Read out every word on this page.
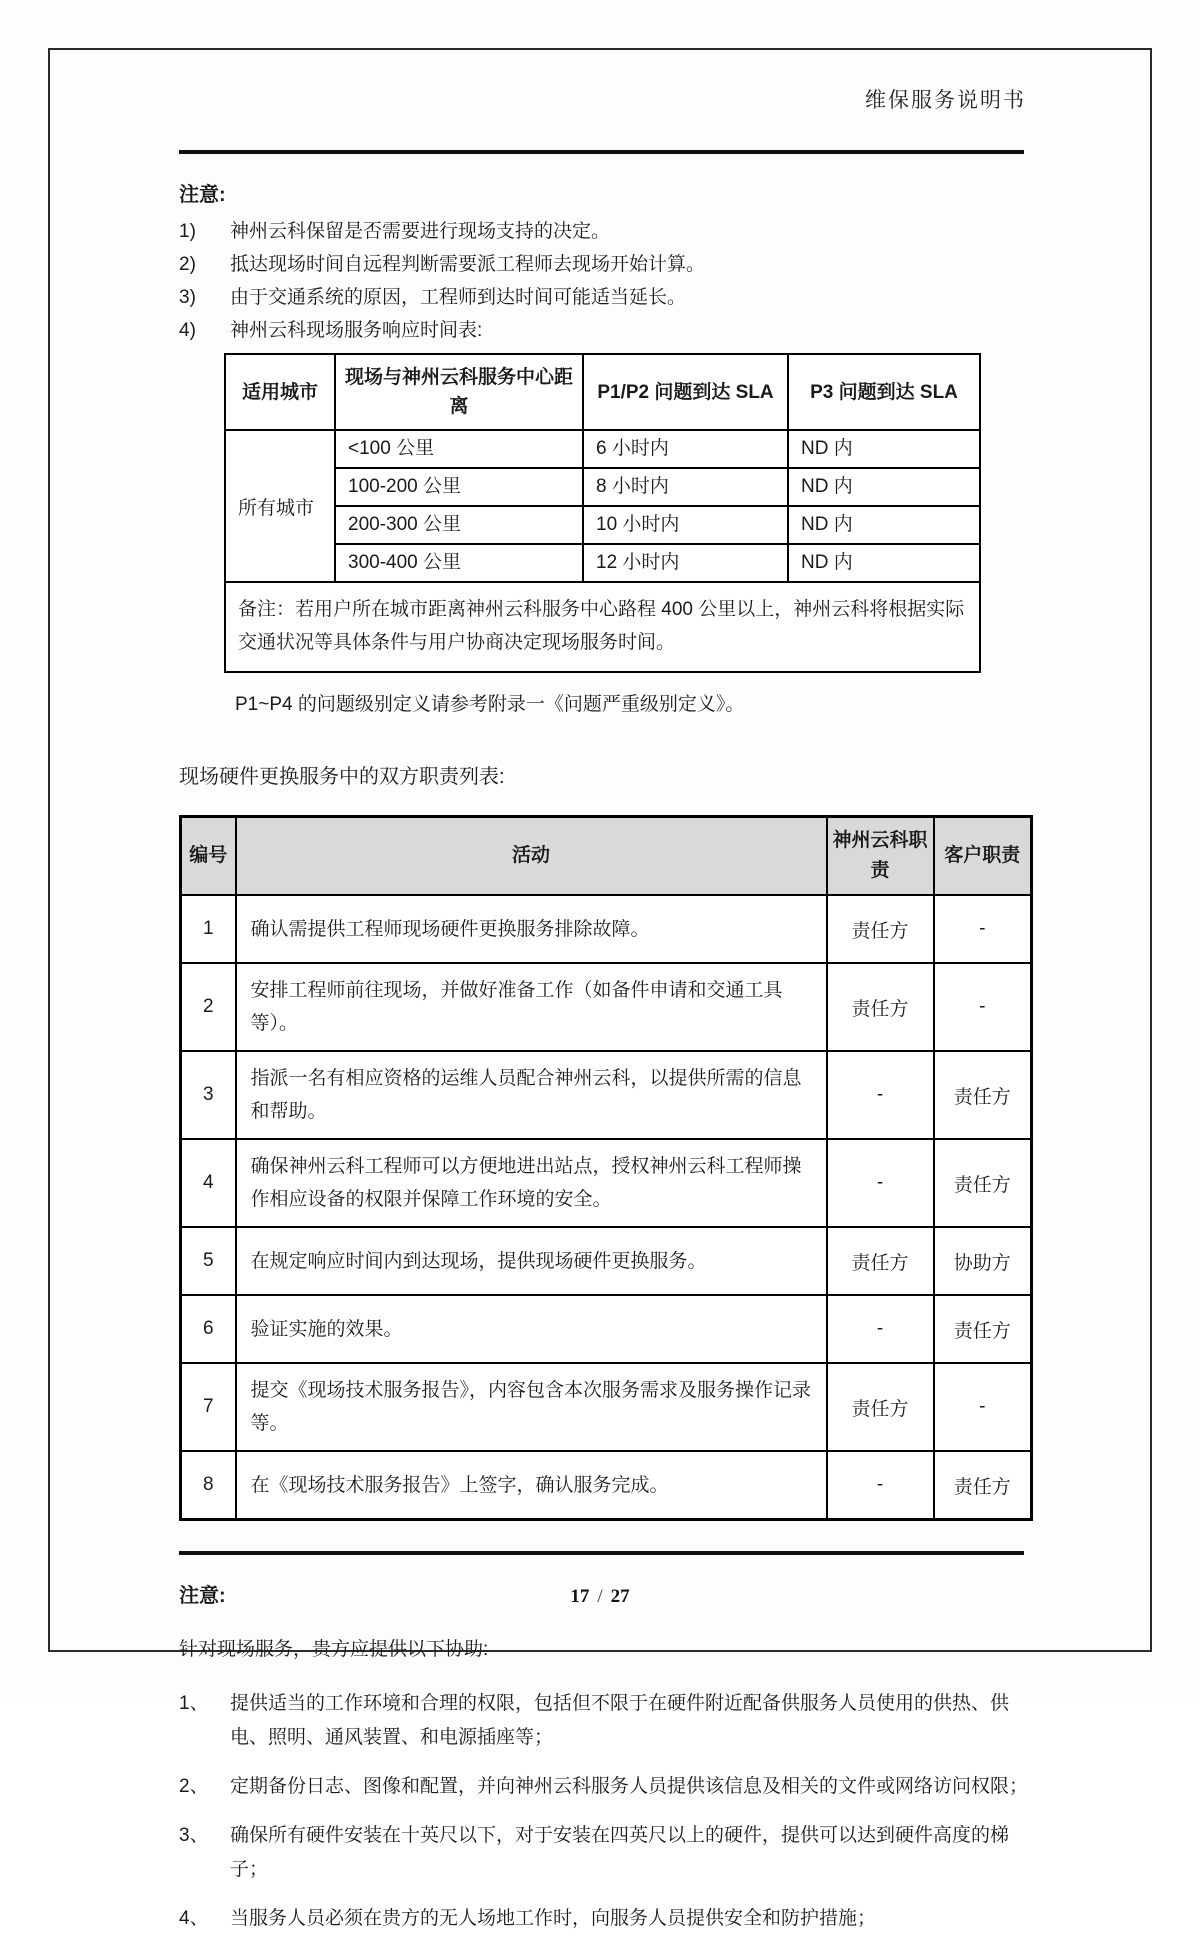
维保服务说明书
注意:
1)	神州云科保留是否需要进行现场支持的决定。
2)	抵达现场时间自远程判断需要派工程师去现场开始计算。
3)	由于交通系统的原因，工程师到达时间可能适当延长。
4)	神州云科现场服务响应时间表:
适用城市	现场与神州云科服务中心距离	P1/P2 问题到达 SLA	P3 问题到达 SLA
所有城市	<100 公里	6 小时内	ND 内
	100-200 公里	8 小时内	ND 内
	200-300 公里	10 小时内	ND 内
	300-400 公里	12 小时内	ND 内
备注：若用户所在城市距离神州云科服务中心路程 400 公里以上，神州云科将根据实际交通状况等具体条件与用户协商决定现场服务时间。			
P1~P4 的问题级别定义请参考附录一《问题严重级别定义》。
现场硬件更换服务中的双方职责列表:
编号	活动	神州云科职责	客户职责
1	确认需提供工程师现场硬件更换服务排除故障。	责任方	-
2	安排工程师前往现场，并做好准备工作（如备件申请和交通工具等）。	责任方	-
3	指派一名有相应资格的运维人员配合神州云科，以提供所需的信息和帮助。	-	责任方
4	确保神州云科工程师可以方便地进出站点，授权神州云科工程师操作相应设备的权限并保障工作环境的安全。	-	责任方
5	在规定响应时间内到达现场，提供现场硬件更换服务。	责任方	协助方
6	验证实施的效果。	-	责任方
7	提交《现场技术服务报告》，内容包含本次服务需求及服务操作记录等。	责任方	-
8	在《现场技术服务报告》上签字，确认服务完成。	-	责任方
注意:
针对现场服务，贵方应提供以下协助:
1、	提供适当的工作环境和合理的权限，包括但不限于在硬件附近配备供服务人员使用的供热、供电、照明、通风装置、和电源插座等；
2、	定期备份日志、图像和配置，并向神州云科服务人员提供该信息及相关的文件或网络访问权限；
3、	确保所有硬件安装在十英尺以下，对于安装在四英尺以上的硬件，提供可以达到硬件高度的梯子；
4、	当服务人员必须在贵方的无人场地工作时，向服务人员提供安全和防护措施；
17 / 27
